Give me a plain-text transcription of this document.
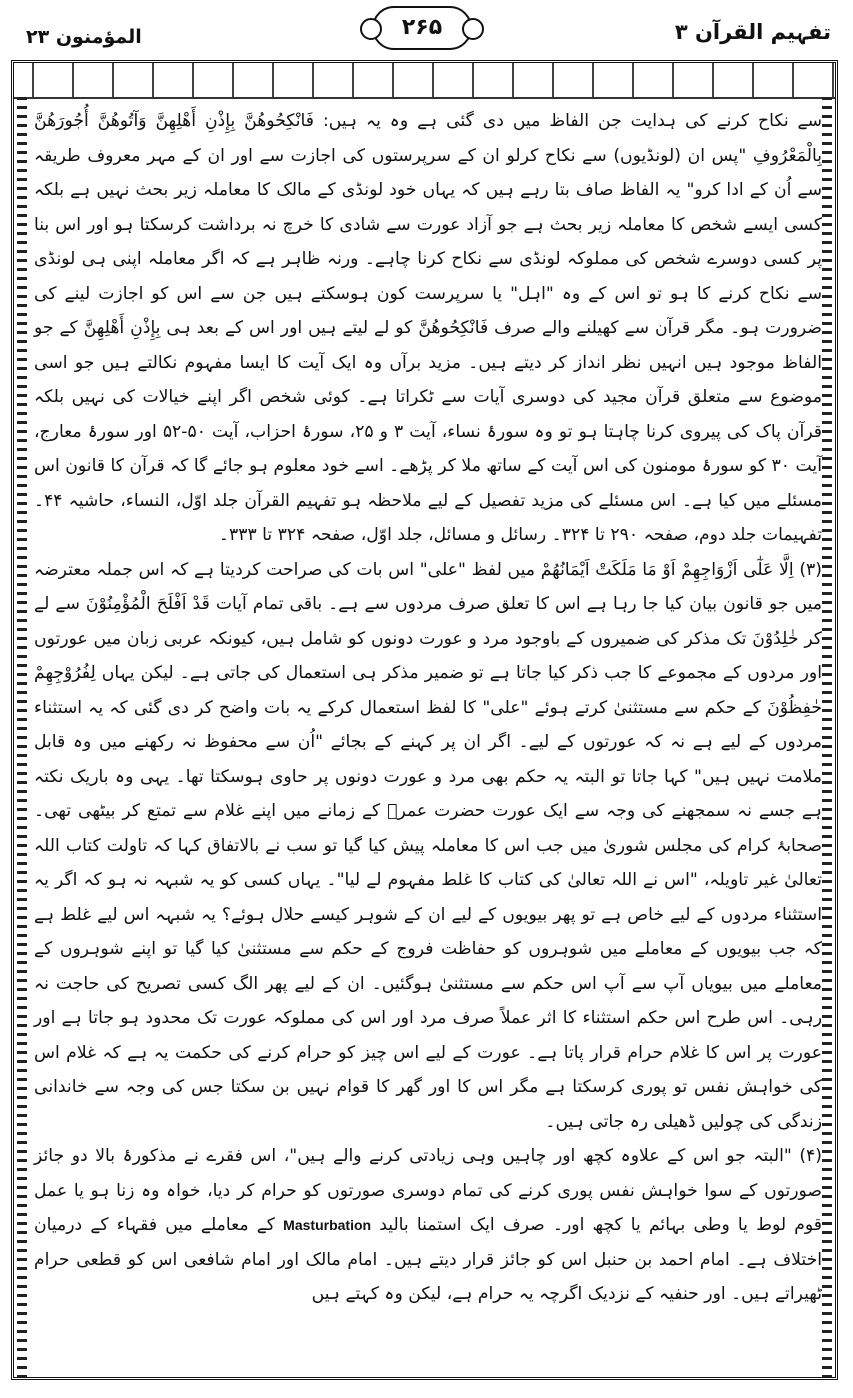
تفہیم القرآن ۳
۲۶۵
المؤمنون ۲۳

سے نکاح کرنے کی ہدایت جن الفاظ میں دی گئی ہے وہ یہ ہیں: فَانْكِحُوهُنَّ بِإِذْنِ أَهْلِهِنَّ وَآتُوهُنَّ أُجُورَهُنَّ بِالْمَعْرُوفِ "پس ان (لونڈیوں) سے نکاح کرلو ان کے سرپرستوں کی اجازت سے اور ان کے مہر معروف طریقہ سے اُن کے ادا کرو" یہ الفاظ صاف بتا رہے ہیں کہ یہاں خود لونڈی کے مالک کا معاملہ زیر بحث نہیں ہے بلکہ کسی ایسے شخص کا معاملہ زیر بحث ہے جو آزاد عورت سے شادی کا خرچ نہ برداشت کرسکتا ہو اور اس بنا پر کسی دوسرے شخص کی مملوکہ لونڈی سے نکاح کرنا چاہے۔ ورنہ ظاہر ہے کہ اگر معاملہ اپنی ہی لونڈی سے نکاح کرنے کا ہو تو اس کے وہ "اہل" یا سرپرست کون ہوسکتے ہیں جن سے اس کو اجازت لینے کی ضرورت ہو۔ مگر قرآن سے کھیلنے والے صرف فَانْكِحُوهُنَّ کو لے لیتے ہیں اور اس کے بعد ہی بِإِذْنِ أَهْلِهِنَّ کے جو الفاظ موجود ہیں انہیں نظر انداز کر دیتے ہیں۔ مزید برآں وہ ایک آیت کا ایسا مفہوم نکالتے ہیں جو اسی موضوع سے متعلق قرآن مجید کی دوسری آیات سے ٹکراتا ہے۔ کوئی شخص اگر اپنے خیالات کی نہیں بلکہ قرآن پاک کی پیروی کرنا چاہتا ہو تو وہ سورۂ نساء، آیت ۳ و ۲۵، سورۂ احزاب، آیت ۵۰-۵۲ اور سورۂ معارج، آیت ۳۰ کو سورۂ مومنون کی اس آیت کے ساتھ ملا کر پڑھے۔ اسے خود معلوم ہو جائے گا کہ قرآن کا قانون اس مسئلے میں کیا ہے۔ اس مسئلے کی مزید تفصیل کے لیے ملاحظہ ہو تفہیم القرآن جلد اوّل، النساء، حاشیہ ۴۴۔ تفہیمات جلد دوم، صفحہ ۲۹۰ تا ۳۲۴۔ رسائل و مسائل، جلد اوّل، صفحہ ۳۲۴ تا ۳۳۳۔

(۳) اِلَّا عَلٰٓى اَزْوَاجِهِمْ اَوْ مَا مَلَكَتْ اَيْمَانُهُمْ میں لفظ "علی" اس بات کی صراحت کردیتا ہے کہ اس جملہ معترضہ میں جو قانون بیان کیا جا رہا ہے اس کا تعلق صرف مردوں سے ہے۔ باقی تمام آیات قَدْ اَفْلَحَ الْمُؤْمِنُوْنَ سے لے کر خٰلِدُوْنَ تک مذکر کی ضمیروں کے باوجود مرد و عورت دونوں کو شامل ہیں، کیونکہ عربی زبان میں عورتوں اور مردوں کے مجموعے کا جب ذکر کیا جاتا ہے تو ضمیر مذکر ہی استعمال کی جاتی ہے۔ لیکن یہاں لِفُرُوْجِهِمْ حٰفِظُوْنَ کے حکم سے مستثنیٰ کرتے ہوئے "علی" کا لفظ استعمال کرکے یہ بات واضح کر دی گئی کہ یہ استثناء مردوں کے لیے ہے نہ کہ عورتوں کے لیے۔ اگر ان پر کہنے کے بجائے "اُن سے محفوظ نہ رکھنے میں وہ قابل ملامت نہیں ہیں" کہا جاتا تو البتہ یہ حکم بھی مرد و عورت دونوں پر حاوی ہوسکتا تھا۔ یہی وہ باریک نکتہ ہے جسے نہ سمجھنے کی وجہ سے ایک عورت حضرت عمرؓ کے زمانے میں اپنے غلام سے تمتع کر بیٹھی تھی۔ صحابۂ کرام کی مجلس شوریٰ میں جب اس کا معاملہ پیش کیا گیا تو سب نے بالاتفاق کہا کہ تاولت کتاب اللہ تعالیٰ غیر تاویلہ، "اس نے اللہ تعالیٰ کی کتاب کا غلط مفہوم لے لیا"۔ یہاں کسی کو یہ شبہہ نہ ہو کہ اگر یہ استثناء مردوں کے لیے خاص ہے تو پھر بیویوں کے لیے ان کے شوہر کیسے حلال ہوئے؟ یہ شبہہ اس لیے غلط ہے کہ جب بیویوں کے معاملے میں شوہروں کو حفاظت فروج کے حکم سے مستثنیٰ کیا گیا تو اپنے شوہروں کے معاملے میں بیویاں آپ سے آپ اس حکم سے مستثنیٰ ہوگئیں۔ ان کے لیے پھر الگ کسی تصریح کی حاجت نہ رہی۔ اس طرح اس حکم استثناء کا اثر عملاً صرف مرد اور اس کی مملوکہ عورت تک محدود ہو جاتا ہے اور عورت پر اس کا غلام حرام قرار پاتا ہے۔ عورت کے لیے اس چیز کو حرام کرنے کی حکمت یہ ہے کہ غلام اس کی خواہش نفس تو پوری کرسکتا ہے مگر اس کا اور گھر کا قوام نہیں بن سکتا جس کی وجہ سے خاندانی زندگی کی چولیں ڈھیلی رہ جاتی ہیں۔

(۴) "البتہ جو اس کے علاوہ کچھ اور چاہیں وہی زیادتی کرنے والے ہیں"، اس فقرے نے مذکورۂ بالا دو جائز صورتوں کے سوا خواہش نفس پوری کرنے کی تمام دوسری صورتوں کو حرام کر دیا، خواہ وہ زنا ہو یا عمل قوم لوط یا وطی بہائم یا کچھ اور۔ صرف ایک استمنا بالید Masturbation کے معاملے میں فقہاء کے درمیان اختلاف ہے۔ امام احمد بن حنبل اس کو جائز قرار دیتے ہیں۔ امام مالک اور امام شافعی اس کو قطعی حرام ٹھیراتے ہیں۔ اور حنفیہ کے نزدیک اگرچہ یہ حرام ہے، لیکن وہ کہتے ہیں
